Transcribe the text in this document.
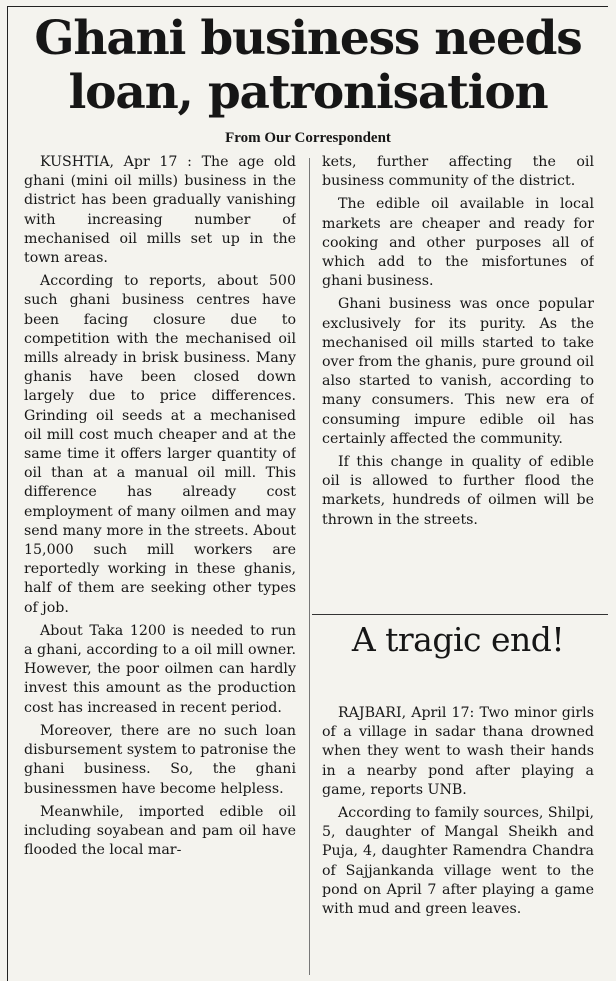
Ghani business needs loan, patronisation
From Our Correspondent

KUSHTIA, Apr 17 : The age old ghani (mini oil mills) business in the district has been gradually vanishing with increasing number of mechanised oil mills set up in the town areas.

According to reports, about 500 such ghani business centres have been facing closure due to competition with the mechanised oil mills already in brisk business. Many ghanis have been closed down largely due to price differences. Grinding oil seeds at a mechanised oil mill cost much cheaper and at the same time it offers larger quantity of oil than at a manual oil mill. This difference has already cost employment of many oilmen and may send many more in the streets. About 15,000 such mill workers are reportedly working in these ghanis, half of them are seeking other types of job.

About Taka 1200 is needed to run a ghani, according to a oil mill owner. However, the poor oilmen can hardly invest this amount as the production cost has increased in recent period.

Moreover, there are no such loan disbursement system to patronise the ghani business. So, the ghani businessmen have become helpless.

Meanwhile, imported edible oil including soyabean and pam oil have flooded the local mar-

kets, further affecting the oil business community of the district.

The edible oil available in local markets are cheaper and ready for cooking and other purposes all of which add to the misfortunes of ghani business.

Ghani business was once popular exclusively for its purity. As the mechanised oil mills started to take over from the ghanis, pure ground oil also started to vanish, according to many consumers. This new era of consuming impure edible oil has certainly affected the community.

If this change in quality of edible oil is allowed to further flood the markets, hundreds of oilmen will be thrown in the streets.

A tragic end!

RAJBARI, April 17: Two minor girls of a village in sadar thana drowned when they went to wash their hands in a nearby pond after playing a game, reports UNB.

According to family sources, Shilpi, 5, daughter of Mangal Sheikh and Puja, 4, daughter Ramendra Chandra of Sajjankanda village went to the pond on April 7 after playing a game with mud and green leaves.
